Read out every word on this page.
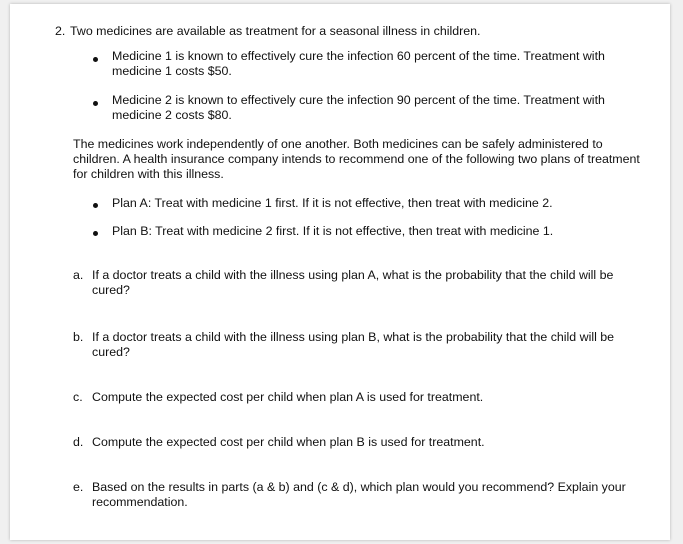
2. Two medicines are available as treatment for a seasonal illness in children.
Medicine 1 is known to effectively cure the infection 60 percent of the time. Treatment with medicine 1 costs $50.
Medicine 2 is known to effectively cure the infection 90 percent of the time. Treatment with medicine 2 costs $80.
The medicines work independently of one another. Both medicines can be safely administered to children. A health insurance company intends to recommend one of the following two plans of treatment for children with this illness.
Plan A: Treat with medicine 1 first. If it is not effective, then treat with medicine 2.
Plan B: Treat with medicine 2 first. If it is not effective, then treat with medicine 1.
a. If a doctor treats a child with the illness using plan A, what is the probability that the child will be cured?
b. If a doctor treats a child with the illness using plan B, what is the probability that the child will be cured?
c. Compute the expected cost per child when plan A is used for treatment.
d. Compute the expected cost per child when plan B is used for treatment.
e. Based on the results in parts (a & b) and (c & d), which plan would you recommend? Explain your recommendation.
